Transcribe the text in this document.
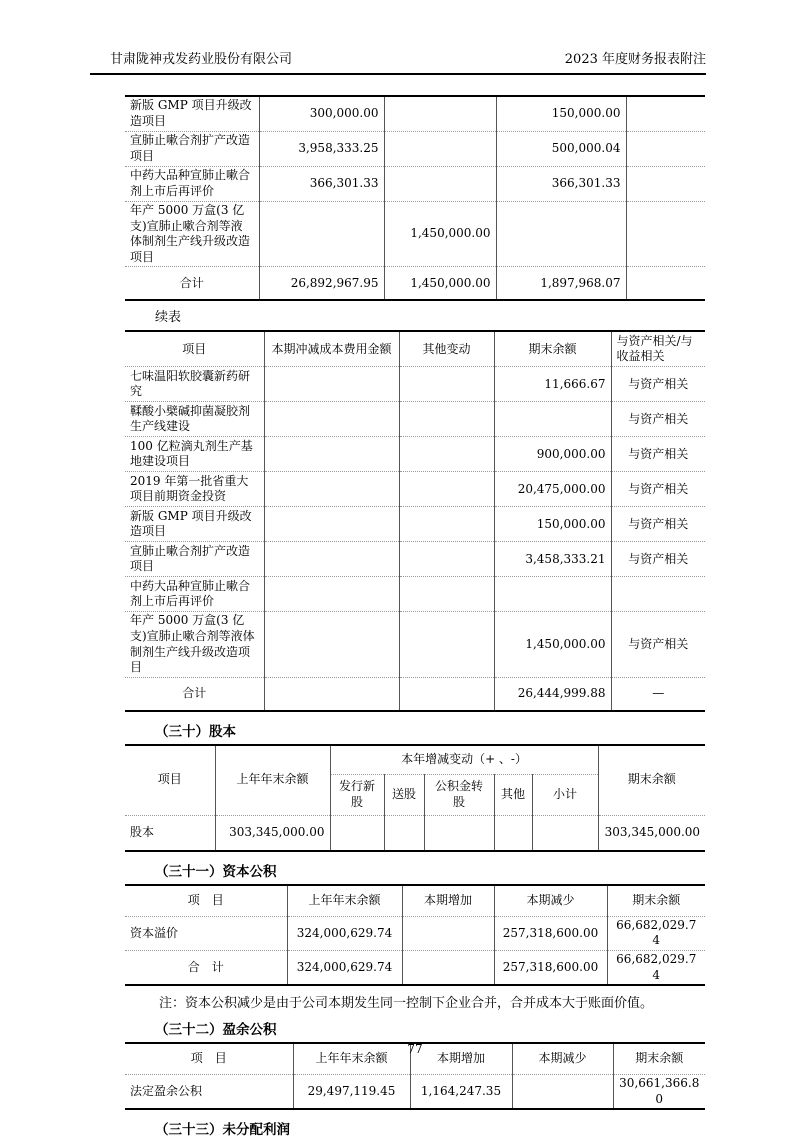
甘肃陇神戎发药业股份有限公司	2023 年度财务报表附注
新版 GMP 项目升级改造项目	300,000.00		150,000.00	
宣肺止嗽合剂扩产改造项目	3,958,333.25		500,000.04	
中药大品种宣肺止嗽合剂上市后再评价	366,301.33		366,301.33	
年产 5000 万盒(3 亿支)宣肺止嗽合剂等液体制剂生产线升级改造项目		1,450,000.00		
合计	26,892,967.95	1,450,000.00	1,897,968.07	
续表
项目	本期冲减成本费用金额	其他变动	期末余额	与资产相关/与收益相关
七味温阳软胶囊新药研究			11,666.67	与资产相关
鞣酸小檗碱抑菌凝胶剂生产线建设				与资产相关
100 亿粒滴丸剂生产基地建设项目			900,000.00	与资产相关
2019 年第一批省重大项目前期资金投资			20,475,000.00	与资产相关
新版 GMP 项目升级改造项目			150,000.00	与资产相关
宣肺止嗽合剂扩产改造项目			3,458,333.21	与资产相关
中药大品种宣肺止嗽合剂上市后再评价				
年产 5000 万盒(3 亿支)宣肺止嗽合剂等液体制剂生产线升级改造项目			1,450,000.00	与资产相关
合计			26,444,999.88	—
（三十）股本
项目	上年年末余额	本年增减变动（+ 、-）					期末余额
		发行新股	送股	公积金转股	其他	小计	
股本	303,345,000.00						303,345,000.00
（三十一）资本公积
项　目	上年年末余额	本期增加	本期减少	期末余额
资本溢价	324,000,629.74		257,318,600.00	66,682,029.74
合　计	324,000,629.74		257,318,600.00	66,682,029.74
注：资本公积减少是由于公司本期发生同一控制下企业合并，合并成本大于账面价值。
（三十二）盈余公积
项　目	上年年末余额	本期增加	本期减少	期末余额
法定盈余公积	29,497,119.45	1,164,247.35		30,661,366.80
（三十三）未分配利润
77
